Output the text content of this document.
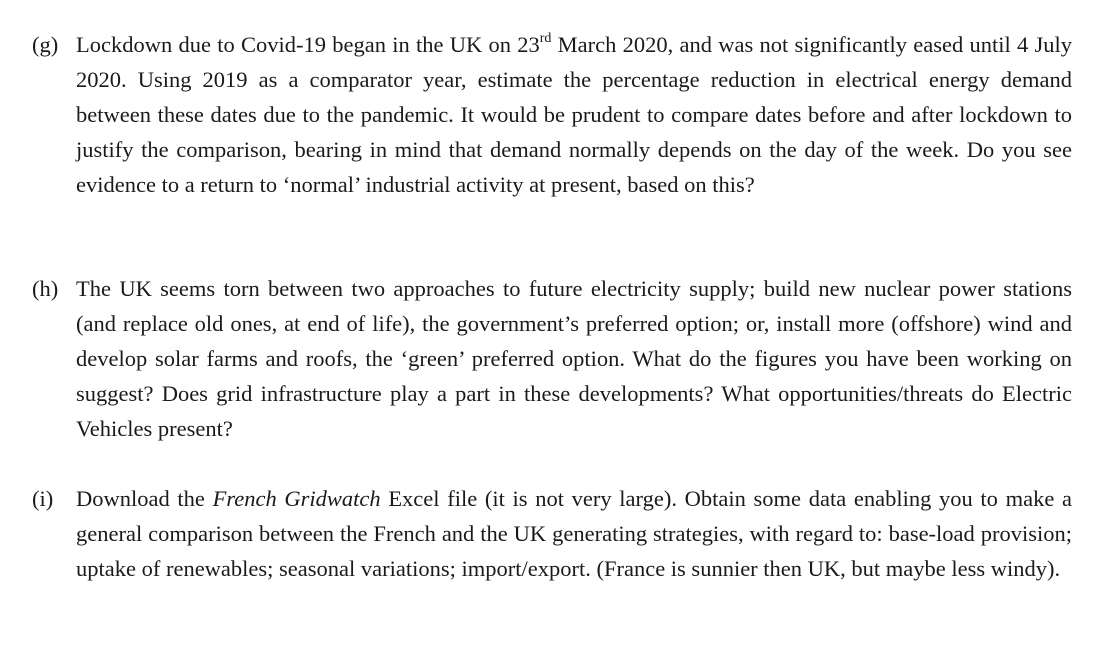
(g) Lockdown due to Covid-19 began in the UK on 23rd March 2020, and was not significantly eased until 4 July 2020. Using 2019 as a comparator year, estimate the percentage reduction in electrical energy demand between these dates due to the pandemic. It would be prudent to compare dates before and after lockdown to justify the comparison, bearing in mind that demand normally depends on the day of the week. Do you see evidence to a return to ‘normal’ industrial activity at present, based on this?
(h) The UK seems torn between two approaches to future electricity supply; build new nuclear power stations (and replace old ones, at end of life), the government’s preferred option; or, install more (offshore) wind and develop solar farms and roofs, the ‘green’ preferred option. What do the figures you have been working on suggest? Does grid infrastructure play a part in these developments? What opportunities/threats do Electric Vehicles present?
(i) Download the French Gridwatch Excel file (it is not very large). Obtain some data enabling you to make a general comparison between the French and the UK generating strategies, with regard to: base-load provision; uptake of renewables; seasonal variations; import/export. (France is sunnier then UK, but maybe less windy).
